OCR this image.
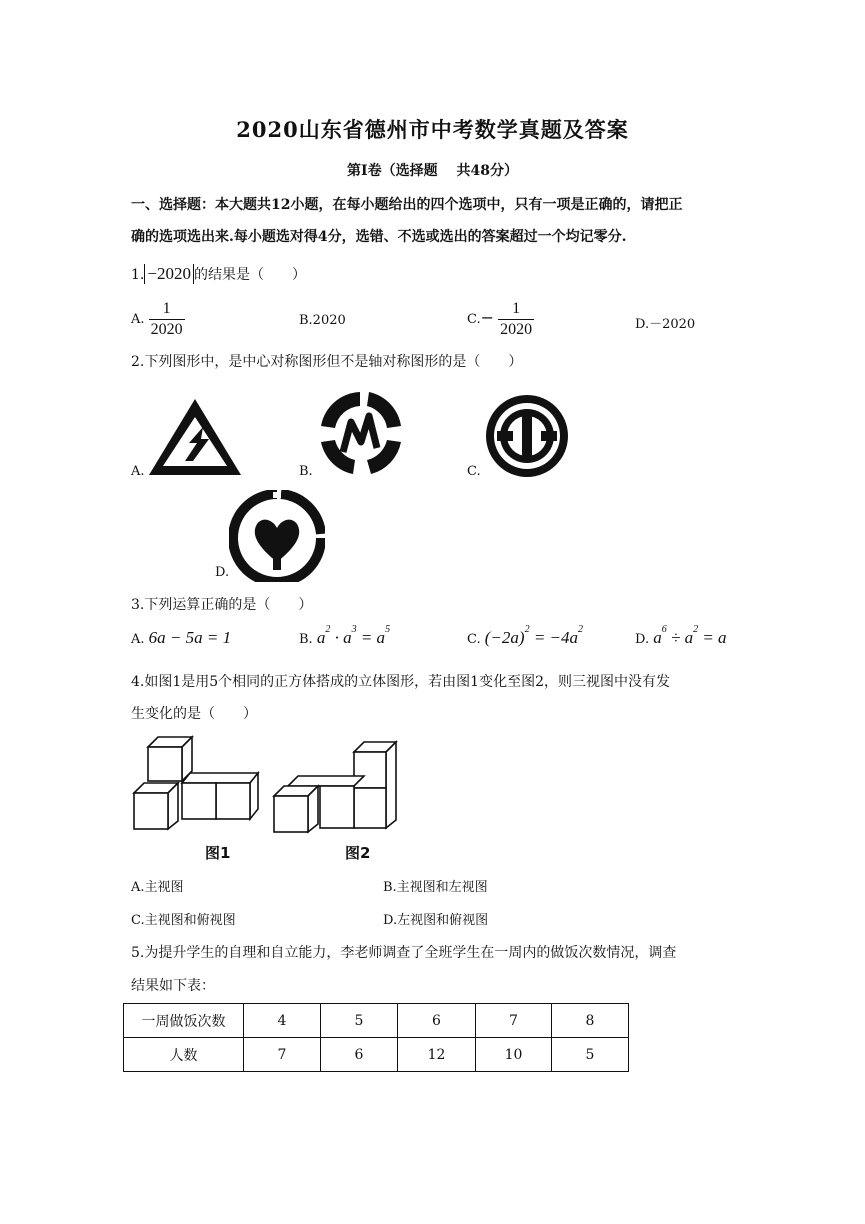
2020山东省德州市中考数学真题及答案
第Ⅰ卷（选择题　 共48分）
一、选择题：本大题共12小题，在每小题给出的四个选项中，只有一项是正确的，请把正
确的选项选出来.每小题选对得4分，选错、不选或选出的答案超过一个均记零分.
1. −2020 的结果是（　　）
A. $\frac{1}{2020}$	B.2020	$C.- \frac{1}{2020}$	D.－2020
2.下列图形中，是中心对称图形但不是轴对称图形的是（　　）
A.	B.	C.
D.
3.下列运算正确的是（　　）
A. 6a − 5a = 1	B. $a^2 \cdot a^3 = a^5$
C. $(-2a)^2 = -4a^2$
D. $a^6 \div a^2 = a$
4.如图1是用5个相同的正方体搭成的立体图形，若由图1变化至图2，则三视图中没有发
生变化的是（　　）
图1	图2
A.主视图	B.主视图和左视图
C.主视图和俯视图	D.左视图和俯视图
5.为提升学生的自理和自立能力，李老师调查了全班学生在一周内的做饭次数情况，调查
结果如下表：
一周做饭次数	4	5	6	7	8
人数	7	6	12	10	5
